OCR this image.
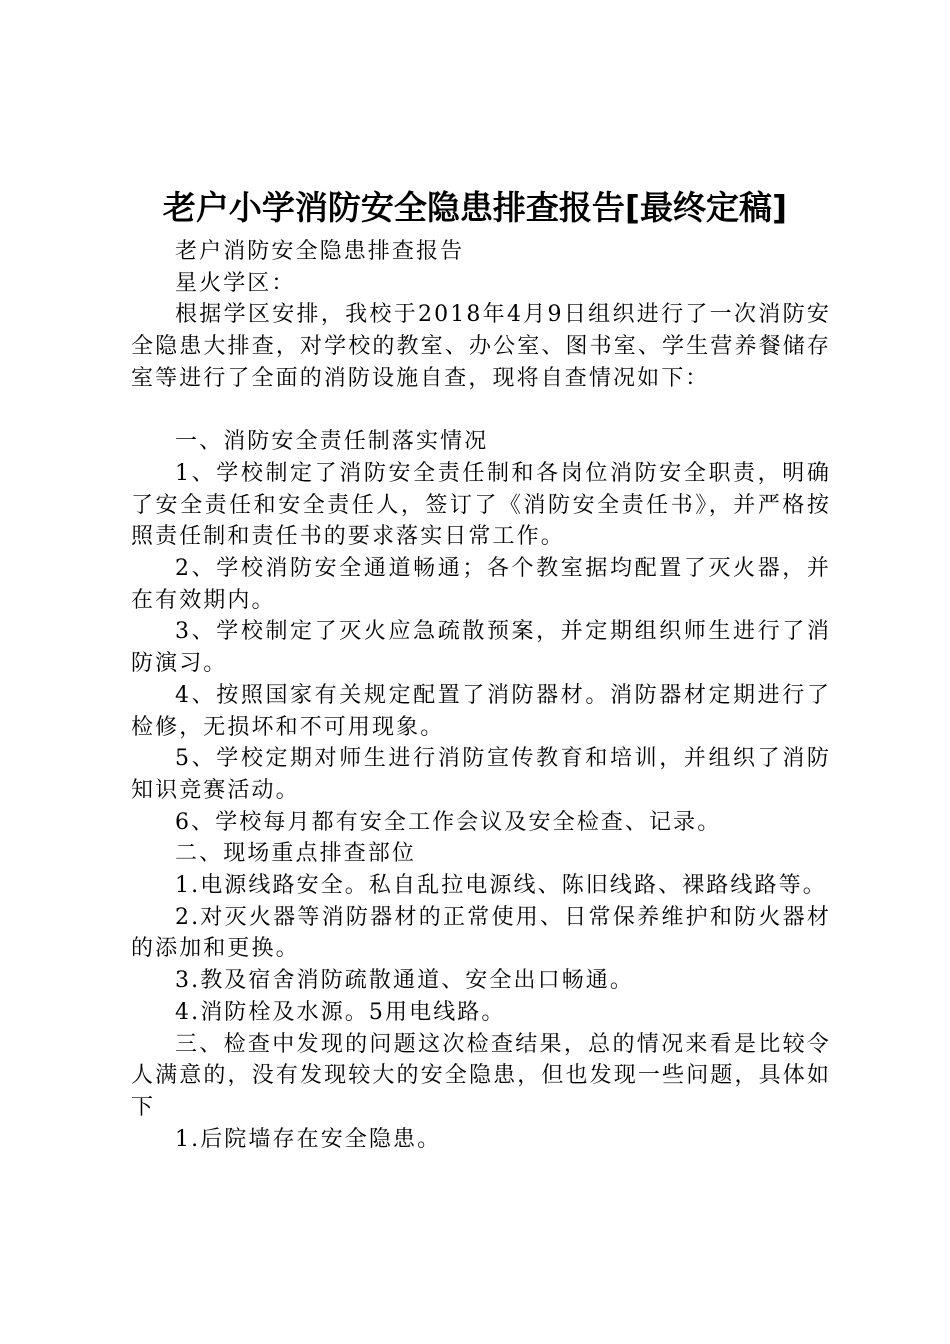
老户小学消防安全隐患排查报告[最终定稿]

老户消防安全隐患排查报告

星火学区：

根据学区安排，我校于2018年4月9日组织进行了一次消防安全隐患大排查，对学校的教室、办公室、图书室、学生营养餐储存室等进行了全面的消防设施自查，现将自查情况如下：

一、消防安全责任制落实情况

1、学校制定了消防安全责任制和各岗位消防安全职责，明确了安全责任和安全责任人，签订了《消防安全责任书》，并严格按照责任制和责任书的要求落实日常工作。

2、学校消防安全通道畅通；各个教室据均配置了灭火器，并在有效期内。

3、学校制定了灭火应急疏散预案，并定期组织师生进行了消防演习。

4、按照国家有关规定配置了消防器材。消防器材定期进行了检修，无损坏和不可用现象。

5、学校定期对师生进行消防宣传教育和培训，并组织了消防知识竞赛活动。

6、学校每月都有安全工作会议及安全检查、记录。

二、现场重点排查部位

1.电源线路安全。私自乱拉电源线、陈旧线路、裸路线路等。

2.对灭火器等消防器材的正常使用、日常保养维护和防火器材的添加和更换。

3.教及宿舍消防疏散通道、安全出口畅通。

4.消防栓及水源。5用电线路。

三、检查中发现的问题这次检查结果，总的情况来看是比较令人满意的，没有发现较大的安全隐患，但也发现一些问题，具体如下

1.后院墙存在安全隐患。
